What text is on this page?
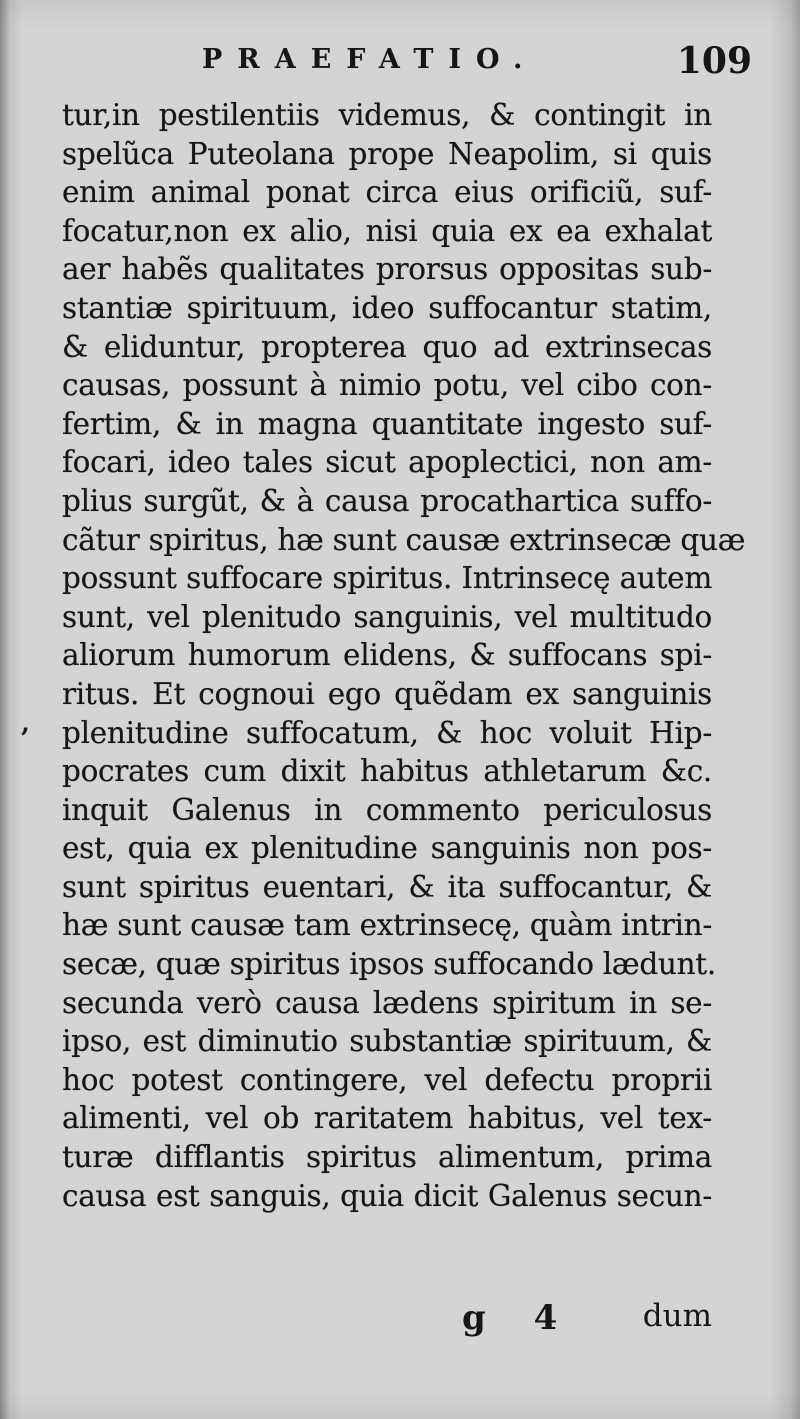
PRAEFATIO.	109
’
tur,in pestilentiis videmus, & contingit in
spelũca Puteolana prope Neapolim, si quis
enim animal ponat circa eius orificiũ, suf-
focatur,non ex alio, nisi quia ex ea exhalat
aer habẽs qualitates prorsus oppositas sub-
stantiæ spirituum, ideo suffocantur statim,
& eliduntur, propterea quo ad extrinsecas
causas, possunt à nimio potu, vel cibo con-
fertim, & in magna quantitate ingesto suf-
focari, ideo tales sicut apoplectici, non am-
plius surgũt, & à causa procathartica suffo-
cãtur spiritus, hæ sunt causæ extrinsecæ quæ
possunt suffocare spiritus. Intrinsecę autem
sunt, vel plenitudo sanguinis, vel multitudo
aliorum humorum elidens, & suffocans spi-
ritus. Et cognoui ego quẽdam ex sanguinis
plenitudine suffocatum, & hoc voluit Hip-
pocrates cum dixit habitus athletarum &c.
inquit Galenus in commento periculosus
est, quia ex plenitudine sanguinis non pos-
sunt spiritus euentari, & ita suffocantur, &
hæ sunt causæ tam extrinsecę, quàm intrin-
secæ, quæ spiritus ipsos suffocando lædunt.
secunda verò causa lædens spiritum in se-
ipso, est diminutio substantiæ spirituum, &
hoc potest contingere, vel defectu proprii
alimenti, vel ob raritatem habitus, vel tex-
turæ difflantis spiritus alimentum, prima
causa est sanguis, quia dicit Galenus secun-
g 4 dum
